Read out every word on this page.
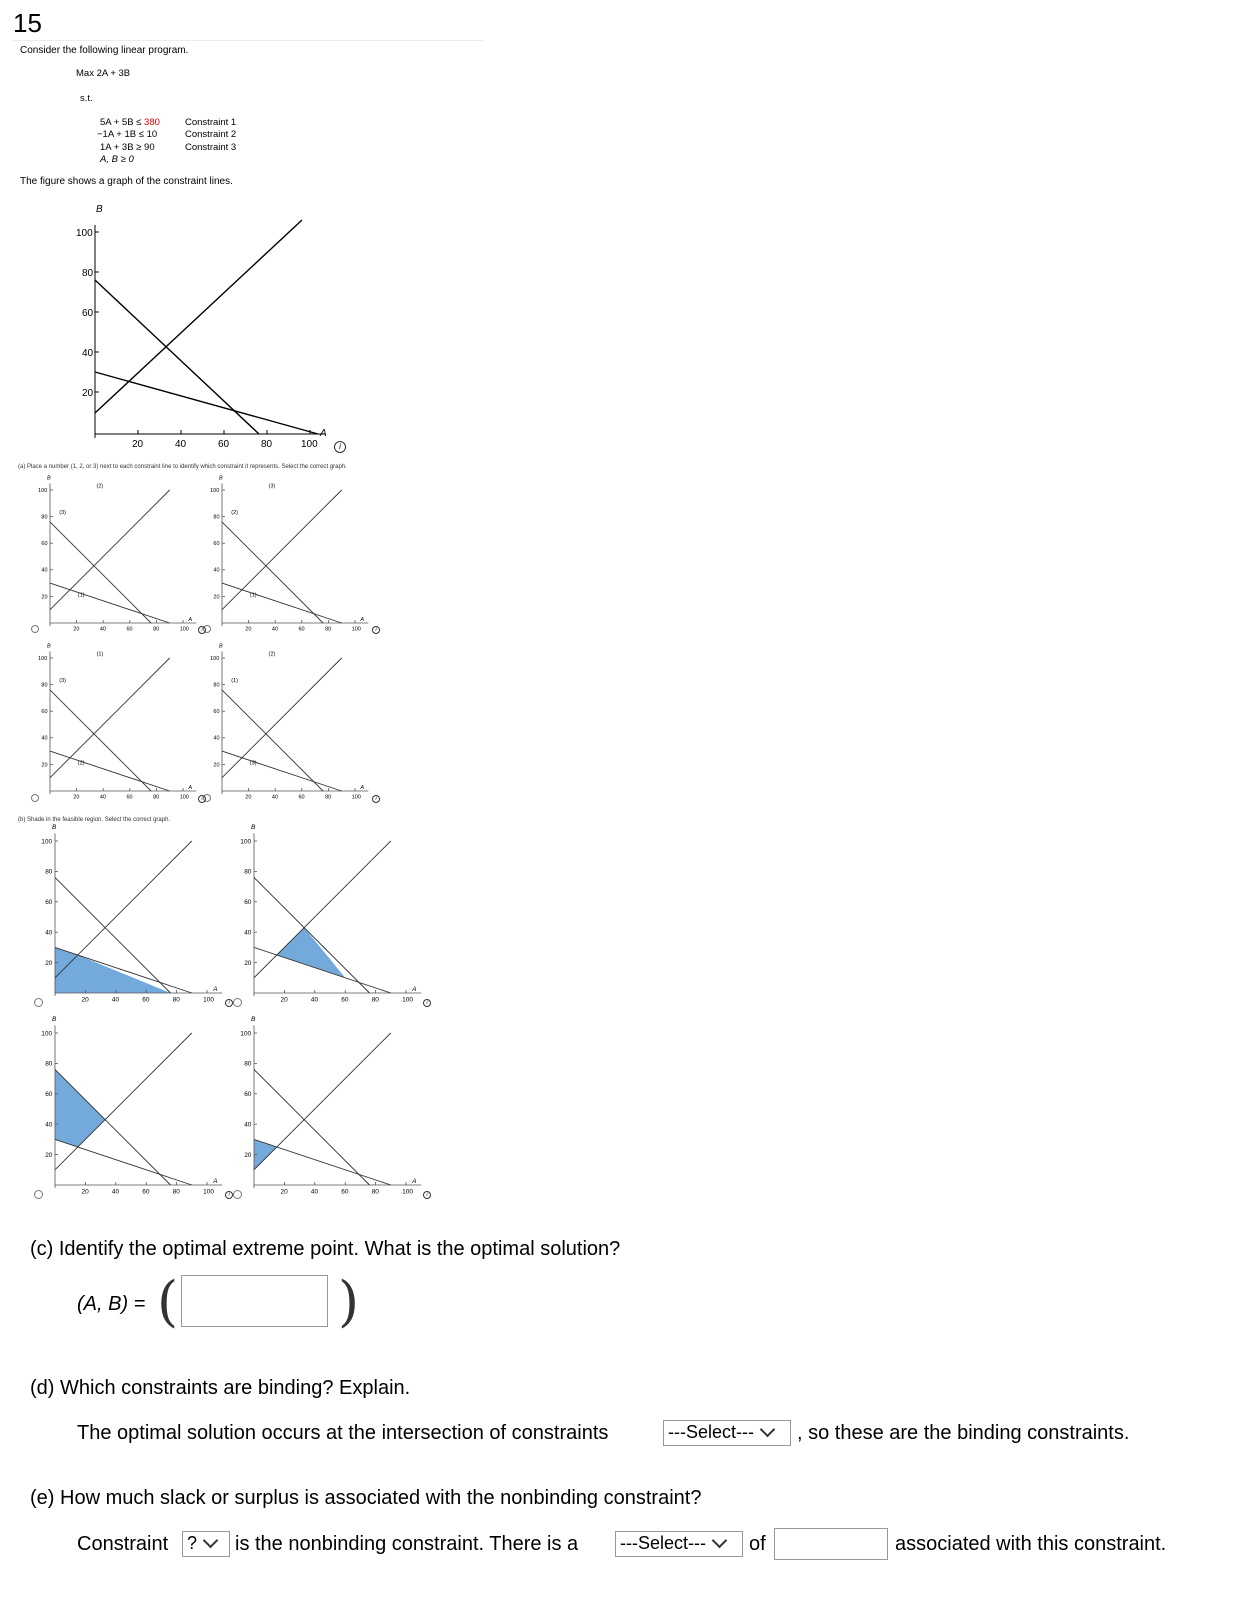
15
Consider the following linear program.
Max 2A + 3B
s.t.
5A + 5B ≤ 380	Constraint 1
−1A + 1B ≤ 10	Constraint 2
1A + 3B ≥ 90	Constraint 3
A, B ≥ 0
The figure shows a graph of the constraint lines.
B
100
80
60
40
20
20	40	60	80	100
A
i
(a) Place a number (1, 2, or 3) next to each constraint line to identify which constraint it represents. Select the correct graph.
B
A
20
40
60
80
100
20	40	60	80	100
(3)
(2)
(1)
B
A
20
40
60
80
100
20	40	60	80	100
(2)
(3)
(1)
B
A
20
40
60
80
100
20	40	60	80	100
(3)
(1)
(2)
B
A
20
40
60
80
100
20	40	60	80	100
(1)
(2)
(3)
(b) Shade in the feasible region. Select the correct graph.
B
A
20
40
60
80
100
20	40	60	80	100
B
A
20
40
60
80
100
20	40	60	80	100
B
A
20
40
60
80
100
20	40	60	80	100
B
A
20
40
60
80
100
20	40	60	80	100
(c) Identify the optimal extreme point. What is the optimal solution?
(A, B) = (	)
(d) Which constraints are binding? Explain.
The optimal solution occurs at the intersection of constraints	---Select---	, so these are the binding constraints.
(e) How much slack or surplus is associated with the nonbinding constraint?
Constraint ?	is the nonbinding constraint. There is a ---Select---	of	associated with this constraint.
i	i
i	i
i	i
i	i
